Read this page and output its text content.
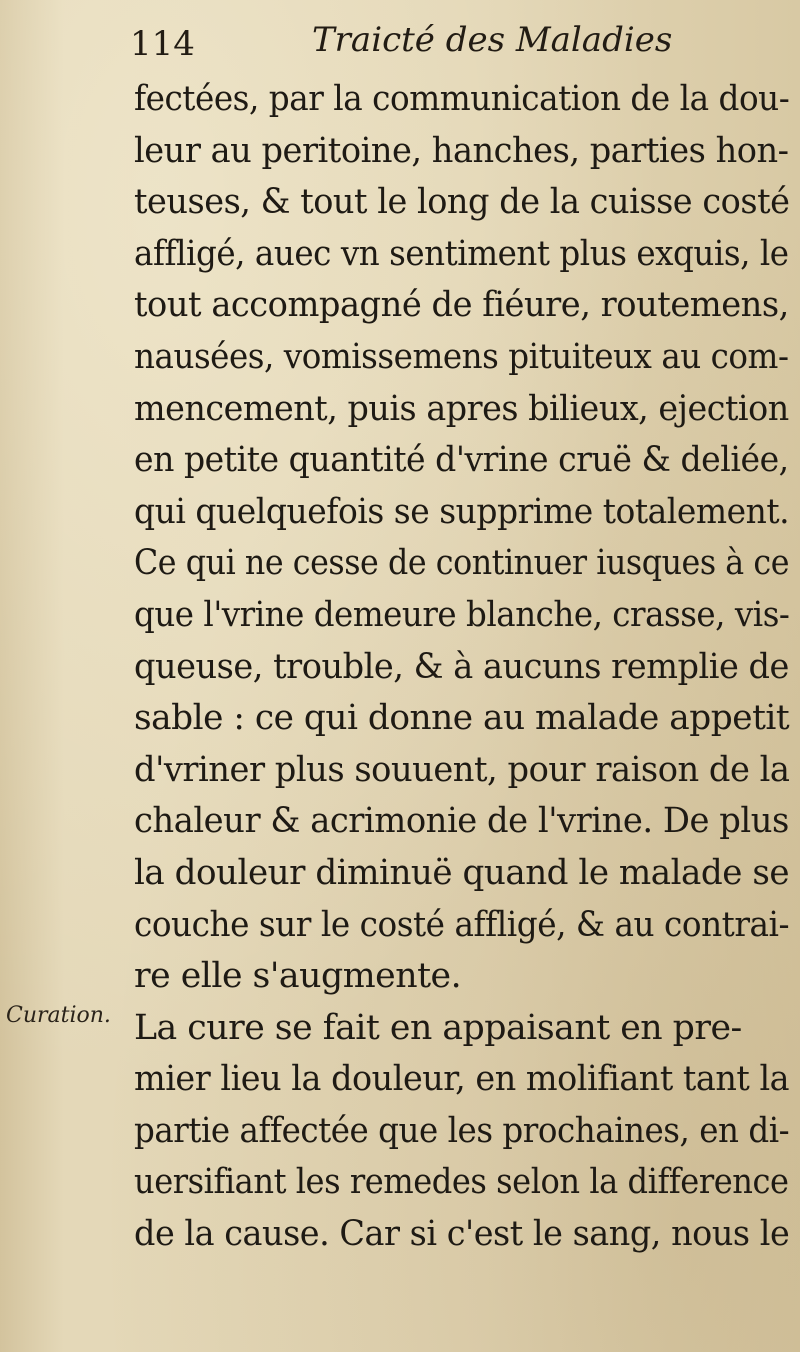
114	Traicté des Maladies
Curation.
fectées, par la communication de la dou-
leur au peritoine, hanches, parties hon-
teuses, & tout le long de la cuisse costé
affligé, auec vn sentiment plus exquis, le
tout accompagné de fiéure, routemens,
nausées, vomissemens pituiteux au com-
mencement, puis apres bilieux, ejection
en petite quantité d'vrine cruë & deliée,
qui quelquefois se supprime totalement.
Ce qui ne cesse de continuer iusques à ce
que l'vrine demeure blanche, crasse, vis-
queuse, trouble, & à aucuns remplie de
sable : ce qui donne au malade appetit
d'vriner plus souuent, pour raison de la
chaleur & acrimonie de l'vrine. De plus
la douleur diminuë quand le malade se
couche sur le costé affligé, & au contrai-
re elle s'augmente.
La cure se fait en appaisant en pre-
mier lieu la douleur, en molifiant tant la
partie affectée que les prochaines, en di-
uersifiant les remedes selon la difference
de la cause. Car si c'est le sang, nous le
